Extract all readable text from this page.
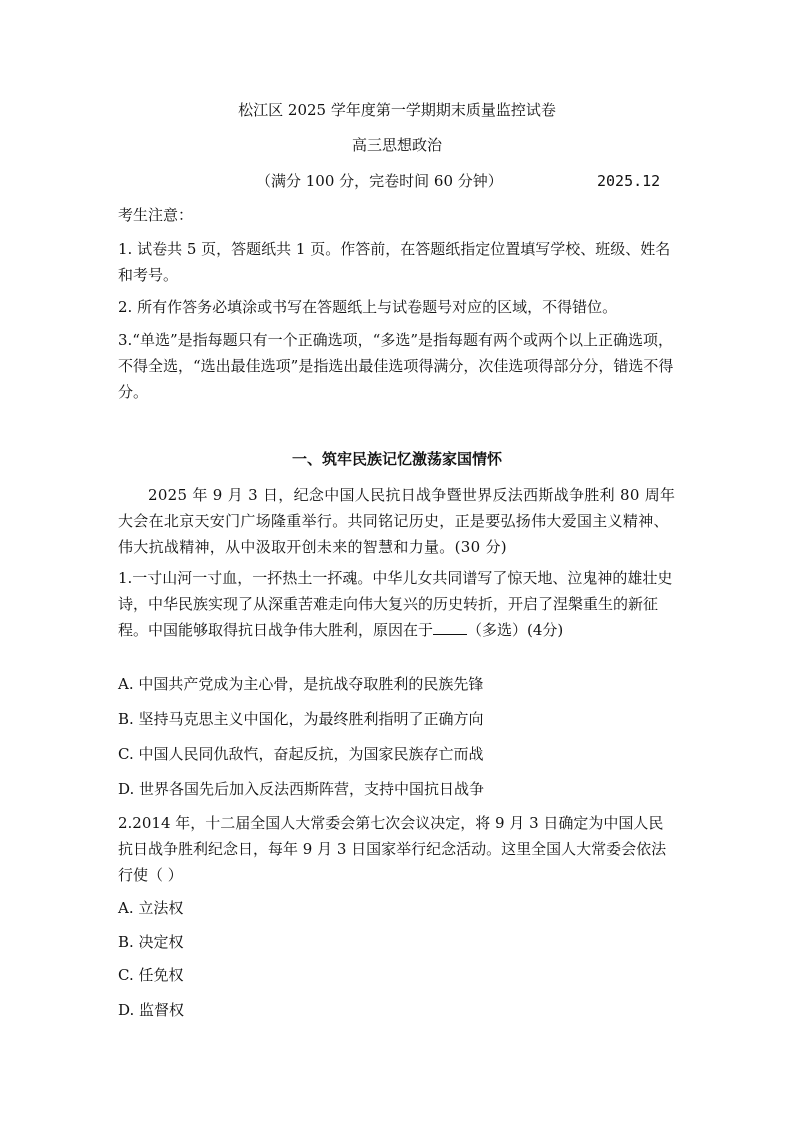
松江区 2025 学年度第一学期期末质量监控试卷
高三思想政治
（满分 100 分，完卷时间 60 分钟）	2025.12
考生注意：
1. 试卷共 5 页，答题纸共 1 页。作答前，在答题纸指定位置填写学校、班级、姓名和考号。
2. 所有作答务必填涂或书写在答题纸上与试卷题号对应的区域，不得错位。
3.“单选”是指每题只有一个正确选项，“多选”是指每题有两个或两个以上正确选项，不得全选，“选出最佳选项”是指选出最佳选项得满分，次佳选项得部分分，错选不得分。
一、筑牢民族记忆激荡家国情怀
2025 年 9 月 3 日，纪念中国人民抗日战争暨世界反法西斯战争胜利 80 周年大会在北京天安门广场隆重举行。共同铭记历史，正是要弘扬伟大爱国主义精神、伟大抗战精神，从中汲取开创未来的智慧和力量。(30 分)
1.一寸山河一寸血，一抔热土一抔魂。中华儿女共同谱写了惊天地、泣鬼神的雄壮史诗，中华民族实现了从深重苦难走向伟大复兴的历史转折，开启了涅槃重生的新征程。中国能够取得抗日战争伟大胜利，原因在于 （多选）(4分)
A. 中国共产党成为主心骨，是抗战夺取胜利的民族先锋
B. 坚持马克思主义中国化，为最终胜利指明了正确方向
C. 中国人民同仇敌忾，奋起反抗，为国家民族存亡而战
D. 世界各国先后加入反法西斯阵营，支持中国抗日战争
2.2014 年，十二届全国人大常委会第七次会议决定，将 9 月 3 日确定为中国人民抗日战争胜利纪念日，每年 9 月 3 日国家举行纪念活动。这里全国人大常委会依法行使（ ）
A. 立法权
B. 决定权
C. 任免权
D. 监督权
